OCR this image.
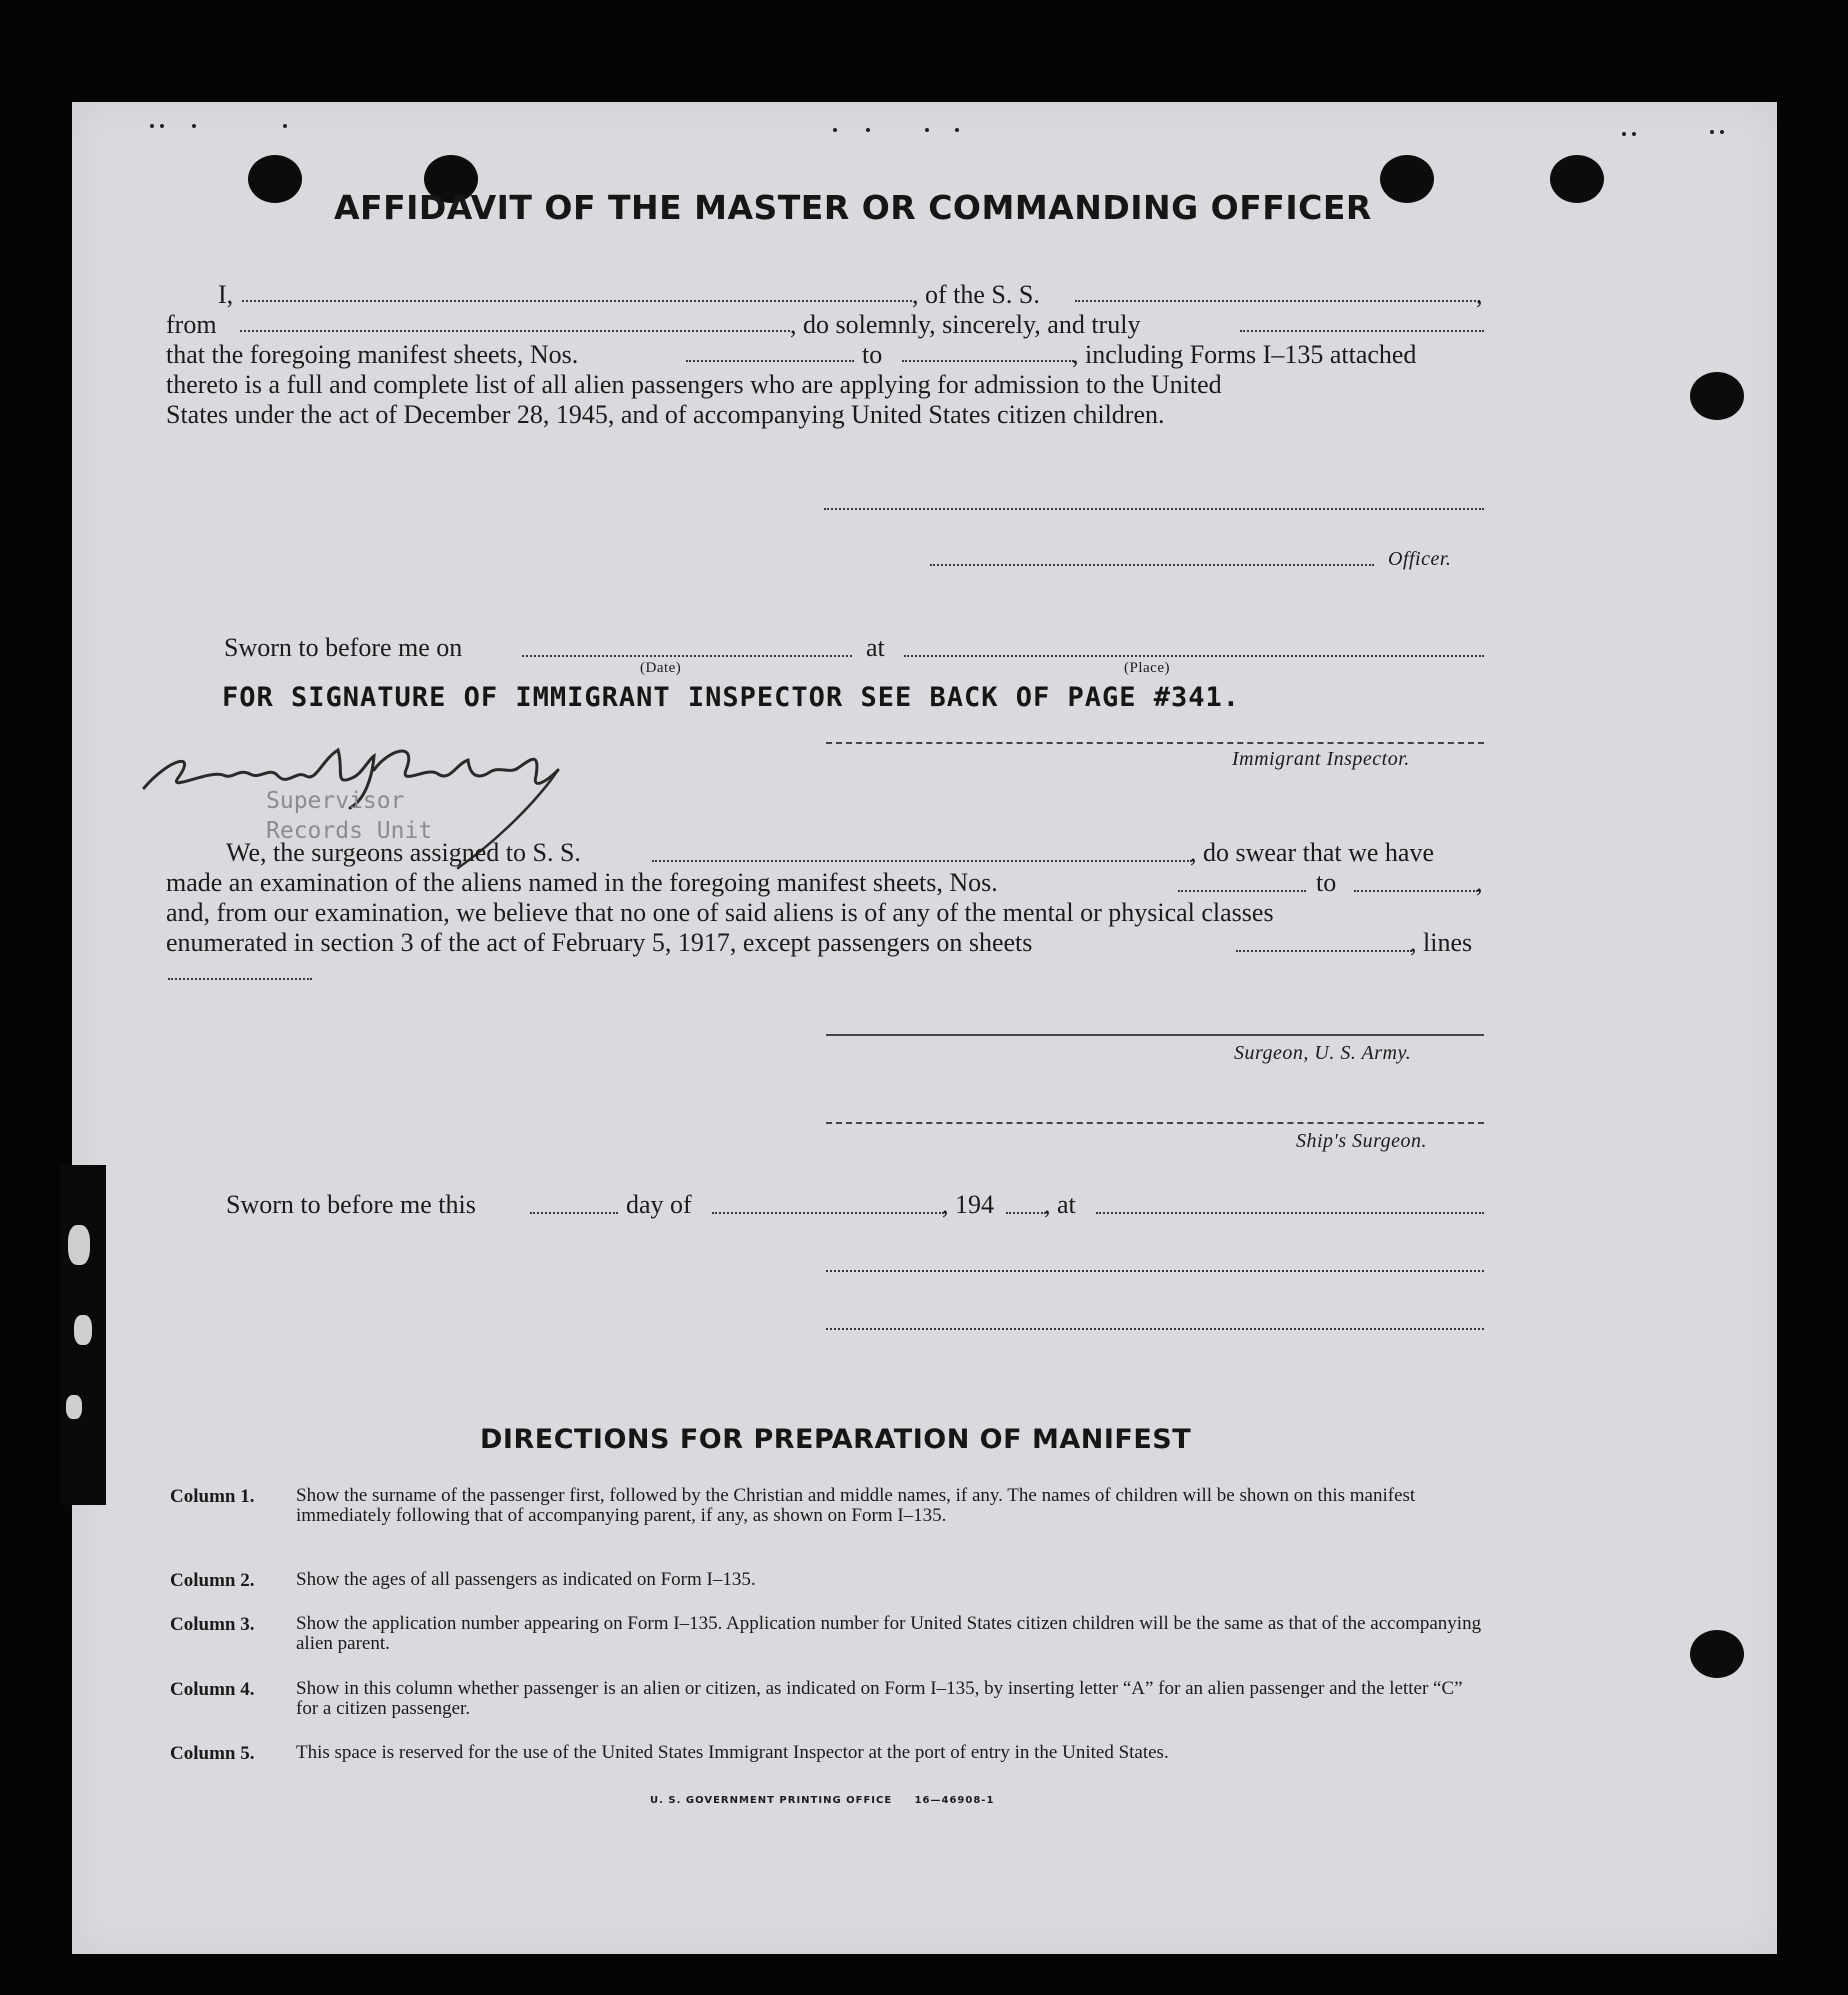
AFFIDAVIT OF THE MASTER OR COMMANDING OFFICER
I,	, of the S. S.	,
from	, do solemnly, sincerely, and truly
that the foregoing manifest sheets, Nos.	to	, including Forms I–135 attached
thereto is a full and complete list of all alien passengers who are applying for admission to the United
States under the act of December 28, 1945, and of accompanying United States citizen children.
Officer.
Sworn to before me on	at
(Date)	(Place)
FOR SIGNATURE OF IMMIGRANT INSPECTOR SEE BACK OF PAGE #341.
Immigrant Inspector.
Supervisor
Records Unit
We, the surgeons assigned to S. S.	, do swear that we have
made an examination of the aliens named in the foregoing manifest sheets, Nos.	to	,
and, from our examination, we believe that no one of said aliens is of any of the mental or physical classes
enumerated in section 3 of the act of February 5, 1917, except passengers on sheets	, lines
Surgeon, U. S. Army.
Ship's Surgeon.
Sworn to before me this	day of	, 194 , at
DIRECTIONS FOR PREPARATION OF MANIFEST
Column 1. Show the surname of the passenger first, followed by the Christian and middle names, if any. The names of children will be shown on this manifest immediately following that of accompanying parent, if any, as shown on Form I–135.
Column 2. Show the ages of all passengers as indicated on Form I–135.
Column 3. Show the application number appearing on Form I–135. Application number for United States citizen children will be the same as that of the accompanying alien parent.
Column 4. Show in this column whether passenger is an alien or citizen, as indicated on Form I–135, by inserting letter “A” for an alien passenger and the letter “C” for a citizen passenger.
Column 5. This space is reserved for the use of the United States Immigrant Inspector at the port of entry in the United States.
U. S. GOVERNMENT PRINTING OFFICE     16—46908-1
